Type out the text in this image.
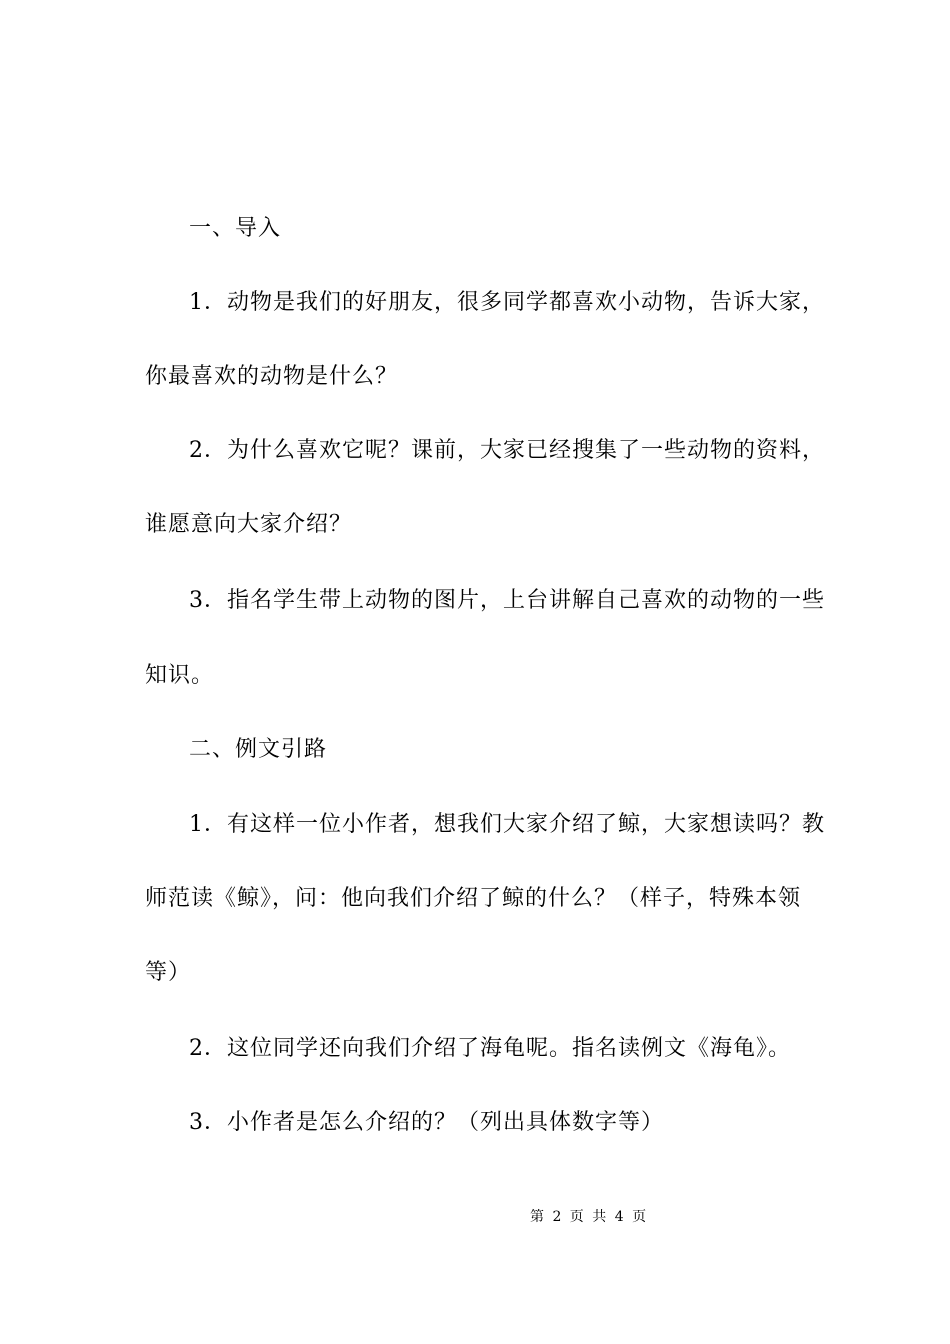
一、导入
1．动物是我们的好朋友，很多同学都喜欢小动物，告诉大家，
你最喜欢的动物是什么？
2．为什么喜欢它呢？课前，大家已经搜集了一些动物的资料，
谁愿意向大家介绍？
3．指名学生带上动物的图片，上台讲解自己喜欢的动物的一些
知识。
二、例文引路
1．有这样一位小作者，想我们大家介绍了鲸，大家想读吗？教
师范读《鲸》，问：他向我们介绍了鲸的什么？（样子，特殊本领
等）
2．这位同学还向我们介绍了海龟呢。指名读例文《海龟》。
3．小作者是怎么介绍的？（列出具体数字等）
第 2 页 共 4 页
